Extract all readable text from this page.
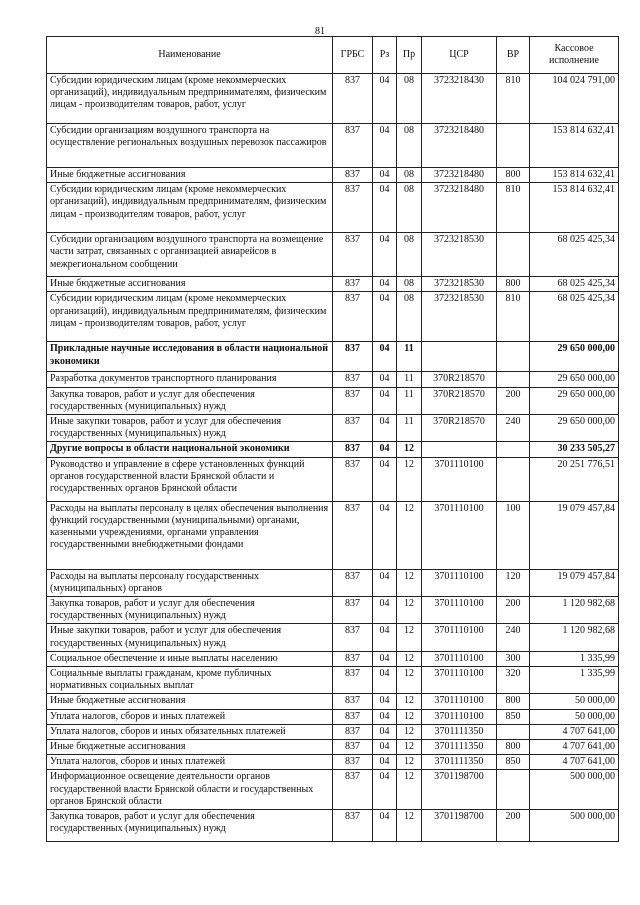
81
Наименование	ГРБС	Рз	Пр	ЦСР	ВР	Кассовое исполнение
Субсидии юридическим лицам (кроме некоммерческих организаций), индивидуальным предпринимателям, физическим лицам - производителям товаров, работ, услуг	837	04	08	3723218430	810	104 024 791,00
Субсидии организациям воздушного транспорта на осуществление региональных воздушных перевозок пассажиров	837	04	08	3723218480		153 814 632,41
Иные бюджетные ассигнования	837	04	08	3723218480	800	153 814 632,41
Субсидии юридическим лицам (кроме некоммерческих организаций), индивидуальным предпринимателям, физическим лицам - производителям товаров, работ, услуг	837	04	08	3723218480	810	153 814 632,41
Субсидии организациям воздушного транспорта на возмещение части затрат, связанных с организацией авиарейсов в межрегиональном сообщении	837	04	08	3723218530		68 025 425,34
Иные бюджетные ассигнования	837	04	08	3723218530	800	68 025 425,34
Субсидии юридическим лицам (кроме некоммерческих организаций), индивидуальным предпринимателям, физическим лицам - производителям товаров, работ, услуг	837	04	08	3723218530	810	68 025 425,34
Прикладные научные исследования в области национальной экономики	837	04	11			29 650 000,00
Разработка документов транспортного планирования	837	04	11	370R218570		29 650 000,00
Закупка товаров, работ и услуг для обеспечения государственных (муниципальных) нужд	837	04	11	370R218570	200	29 650 000,00
Иные закупки товаров, работ и услуг для обеспечения государственных (муниципальных) нужд	837	04	11	370R218570	240	29 650 000,00
Другие вопросы в области национальной экономики	837	04	12			30 233 505,27
Руководство и управление в сфере установленных функций органов государственной власти Брянской области и государственных органов Брянской области	837	04	12	3701110100		20 251 776,51
Расходы на выплаты персоналу в целях обеспечения выполнения функций государственными (муниципальными) органами, казенными учреждениями, органами управления государственными внебюджетными фондами	837	04	12	3701110100	100	19 079 457,84
Расходы на выплаты персоналу государственных (муниципальных) органов	837	04	12	3701110100	120	19 079 457,84
Закупка товаров, работ и услуг для обеспечения государственных (муниципальных) нужд	837	04	12	3701110100	200	1 120 982,68
Иные закупки товаров, работ и услуг для обеспечения государственных (муниципальных) нужд	837	04	12	3701110100	240	1 120 982,68
Социальное обеспечение и иные выплаты населению	837	04	12	3701110100	300	1 335,99
Социальные выплаты гражданам, кроме публичных нормативных социальных выплат	837	04	12	3701110100	320	1 335,99
Иные бюджетные ассигнования	837	04	12	3701110100	800	50 000,00
Уплата налогов, сборов и иных платежей	837	04	12	3701110100	850	50 000,00
Уплата налогов, сборов и иных обязательных платежей	837	04	12	3701111350		4 707 641,00
Иные бюджетные ассигнования	837	04	12	3701111350	800	4 707 641,00
Уплата налогов, сборов и иных платежей	837	04	12	3701111350	850	4 707 641,00
Информационное освещение деятельности органов государственной власти Брянской области и государственных органов Брянской области	837	04	12	3701198700		500 000,00
Закупка товаров, работ и услуг для обеспечения государственных (муниципальных) нужд	837	04	12	3701198700	200	500 000,00
